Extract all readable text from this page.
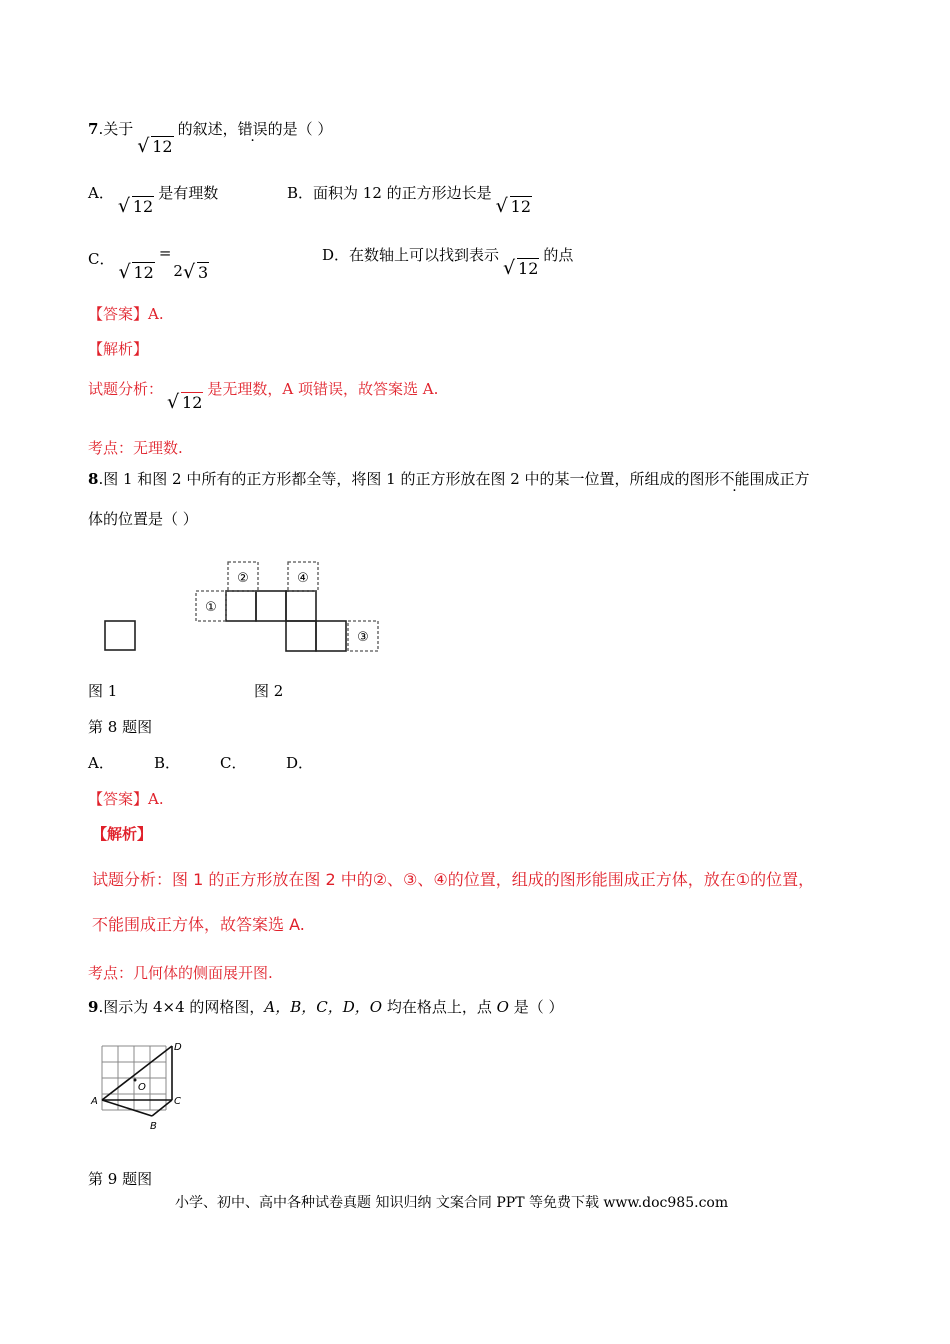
7.关于
√ 12的叙述，错误的是（ ）
A．
√ 12是有理数	B．面积为 12 的正方形边长是
√ 12
C．
√ 12=2 √ 3
D．在数轴上可以找到表示
√ 12的点
【答案】A.
【解析】
试题分析：
√ 12是无理数，A 项错误，故答案选 A.
考点：无理数.
8.图 1 和图 2 中所有的正方形都全等，将图 1 的正方形放在图 2 中的某一位置，所组成的图形不能围成正方
体的位置是（ ）
①
②	④
③
图 1	图 2
第 8 题图
A．	B．	C．	D．
【答案】A.
【解析】
试题分析：图 1 的正方形放在图 2 中的②、③、④的位置，组成的图形能围成正方体，放在①的位置，
不能围成正方体，故答案选 A.
考点：几何体的侧面展开图.
9.图示为 4×4 的网格图，A，B，C，D，O 均在格点上，点 O 是（ ）
A
D
C
B
O
第 9 题图
小学、初中、高中各种试卷真题 知识归纳 文案合同 PPT 等免费下载 www.doc985.com
